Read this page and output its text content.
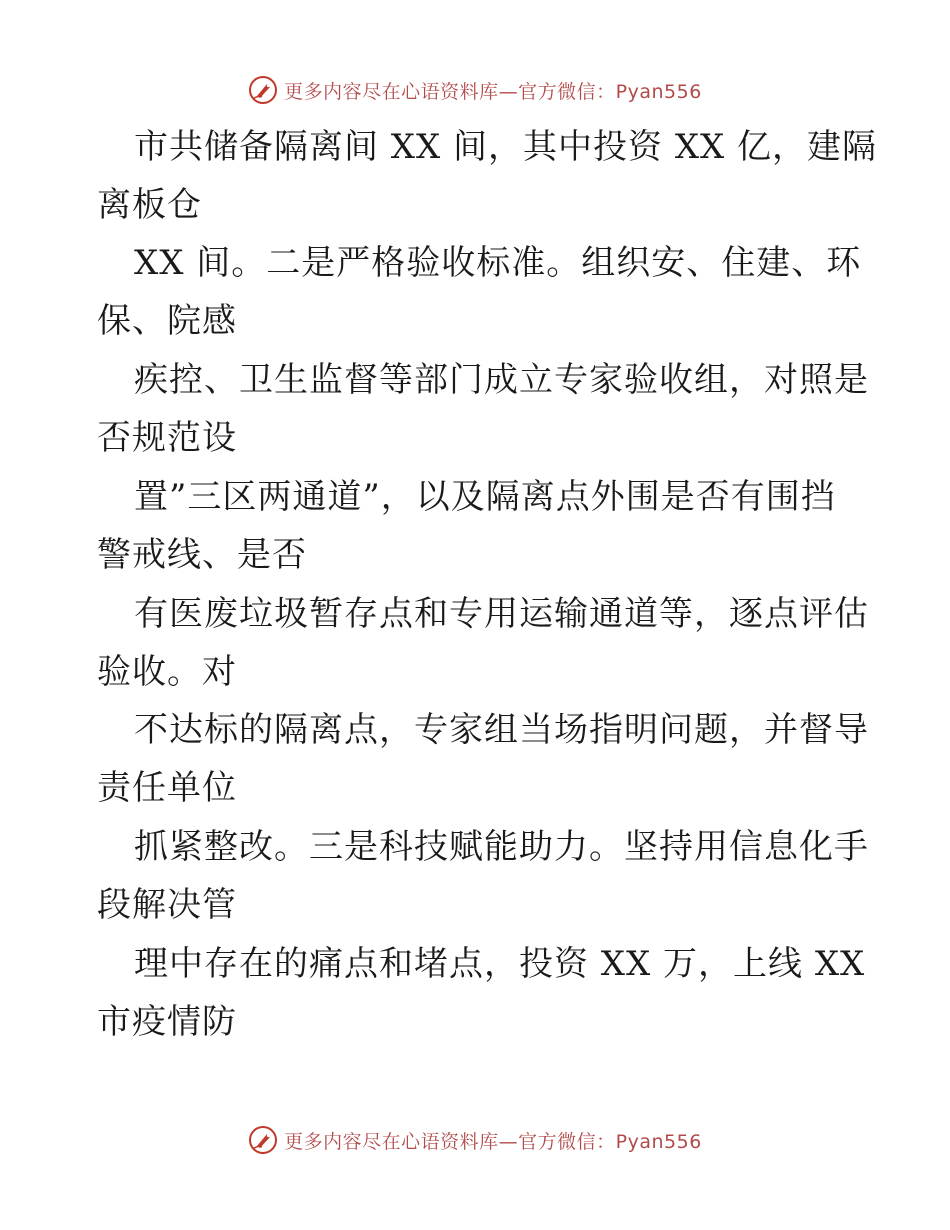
更多内容尽在心语资料库—官方微信：Pyan556
市共储备隔离间 XX 间，其中投资 XX 亿，建隔
离板仓
XX 间。二是严格验收标准。组织安、住建、环
保、院感
疾控、卫生监督等部门成立专家验收组，对照是
否规范设
置”三区两通道”，以及隔离点外围是否有围挡
警戒线、是否
有医废垃圾暂存点和专用运输通道等，逐点评估
验收。对
不达标的隔离点，专家组当场指明问题，并督导
责任单位
抓紧整改。三是科技赋能助力。坚持用信息化手
段解决管
理中存在的痛点和堵点，投资 XX 万，上线 XX
市疫情防
更多内容尽在心语资料库—官方微信：Pyan556
